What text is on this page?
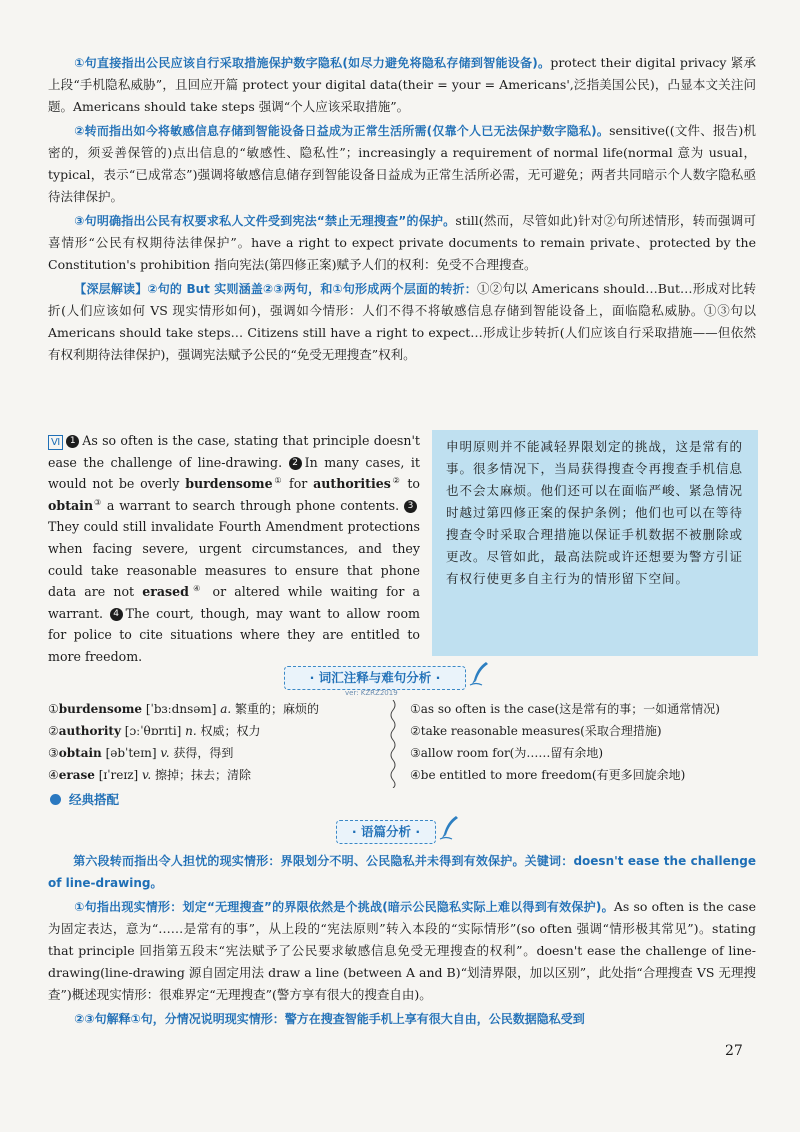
①句直接指出公民应该自行采取措施保护数字隐私(如尽力避免将隐私存储到智能设备)。protect their digital privacy 紧承上段“手机隐私威胁”，且回应开篇 protect your digital data(their = your = Americans',泛指美国公民)，凸显本文关注问题。Americans should take steps 强调“个人应该采取措施”。

②转而指出如今将敏感信息存储到智能设备日益成为正常生活所需(仅靠个人已无法保护数字隐私)。sensitive((文件、报告)机密的，须妥善保管的)点出信息的“敏感性、隐私性”；increasingly a requirement of normal life(normal 意为 usual，typical，表示“已成常态”)强调将敏感信息储存到智能设备日益成为正常生活所必需，无可避免；两者共同暗示个人数字隐私亟待法律保护。

③句明确指出公民有权要求私人文件受到宪法“禁止无理搜查”的保护。still(然而，尽管如此)针对②句所述情形，转而强调可喜情形“公民有权期待法律保护”。have a right to expect private documents to remain private、protected by the Constitution's prohibition 指向宪法(第四修正案)赋予人们的权利：免受不合理搜查。

【深层解读】②句的 But 实则涵盖②③两句，和①句形成两个层面的转折：①②句以 Americans should…But…形成对比转折(人们应该如何 VS 现实情形如何)，强调如今情形：人们不得不将敏感信息存储到智能设备上，面临隐私威胁。①③句以 Americans should take steps… Citizens still have a right to expect…形成让步转折(人们应该自行采取措施——但依然有权利期待法律保护)，强调宪法赋予公民的“免受无理搜查”权利。

Ⅵ 1 As so often is the case, stating that principle doesn't ease the challenge of line-drawing. 2 In many cases, it would not be overly burdensome① for authorities② to obtain③ a warrant to search through phone contents. 3They could still invalidate Fourth Amendment protections when facing severe, urgent circumstances, and they could take reasonable measures to ensure that phone data are not erased④ or altered while waiting for a warrant. 4 The court, though, may want to allow room for police to cite situations where they are entitled to more freedom.
申明原则并不能减轻界限划定的挑战，这是常有的事。很多情况下，当局获得搜查令再搜查手机信息也不会太麻烦。他们还可以在面临严峻、紧急情况时越过第四修正案的保护条例；他们也可以在等待搜查令时采取合理措施以保证手机数据不被删除或更改。尽管如此，最高法院或许还想要为警方引证有权行使更多自主行为的情形留下空间。
· 词汇注释与难句分析 ·
ver: KZRZ2019
①burdensome [ˈbɜːdnsəm] a. 繁重的；麻烦的
②authority [ɔːˈθɒrɪti] n. 权威；权力
③obtain [əbˈteɪn] v. 获得，得到
④erase [ɪˈreɪz] v. 擦掉；抹去；清除
①as so often is the case(这是常有的事；一如通常情况)
②take reasonable measures(采取合理措施)
③allow room for(为……留有余地)
④be entitled to more freedom(有更多回旋余地)
经典搭配
· 语篇分析 ·

第六段转而指出令人担忧的现实情形：界限划分不明、公民隐私并未得到有效保护。关键词：doesn't ease the challenge of line-drawing。

①句指出现实情形：划定“无理搜查”的界限依然是个挑战(暗示公民隐私实际上难以得到有效保护)。As so often is the case 为固定表达，意为“……是常有的事”，从上段的“宪法原则”转入本段的“实际情形”(so often 强调“情形极其常见”)。stating that principle 回指第五段末“宪法赋予了公民要求敏感信息免受无理搜查的权利”。doesn't ease the challenge of line-drawing(line-drawing 源自固定用法 draw a line (between A and B)“划清界限，加以区别”，此处指“合理搜查 VS 无理搜查”)概述现实情形：很难界定“无理搜查”(警方享有很大的搜查自由)。

②③句解释①句，分情况说明现实情形：警方在搜查智能手机上享有很大自由，公民数据隐私受到

27
